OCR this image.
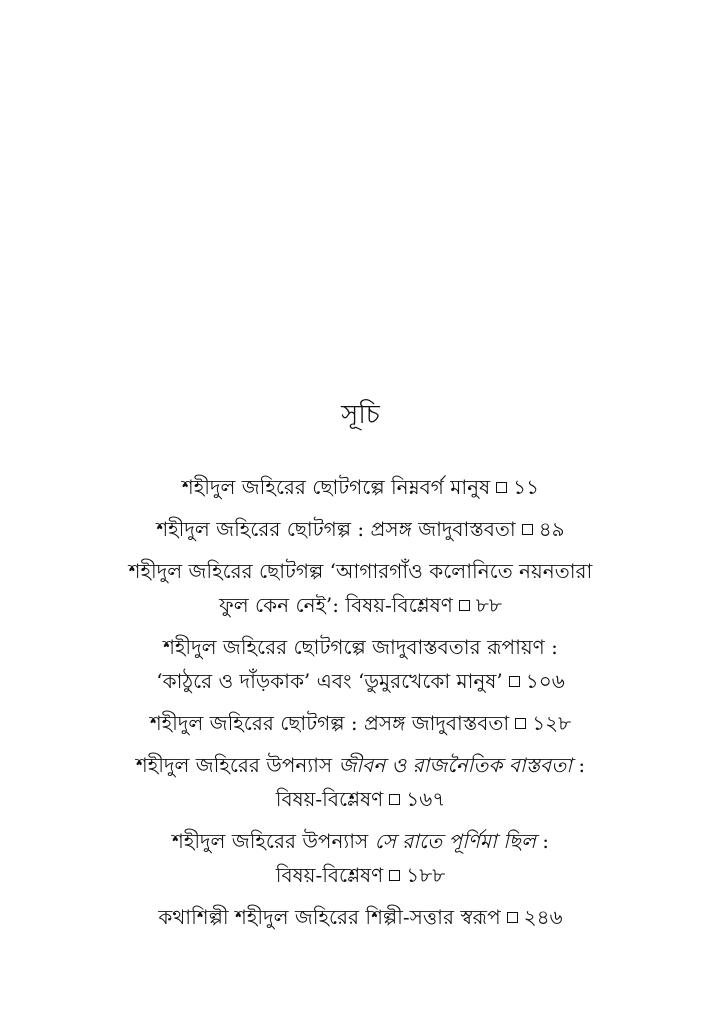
সূচি
শহীদুল জহিরের ছোটগল্পে নিম্নবর্গ মানুষ ১১
শহীদুল জহিরের ছোটগল্প : প্রসঙ্গ জাদুবাস্তবতা ৪৯
শহীদুল জহিরের ছোটগল্প ‘আগারগাঁও কলোনিতে নয়নতারা
ফুল কেন নেই’: বিষয়-বিশ্লেষণ ৮৮
শহীদুল জহিরের ছোটগল্পে জাদুবাস্তবতার রূপায়ণ :
‘কাঠুরে ও দাঁড়কাক’ এবং ‘ডুমুরখেকো মানুষ’ ১০৬
শহীদুল জহিরের ছোটগল্প : প্রসঙ্গ জাদুবাস্তবতা ১২৮
শহীদুল জহিরের উপন্যাস জীবন ও রাজনৈতিক বাস্তবতা :
বিষয়-বিশ্লেষণ ১৬৭
শহীদুল জহিরের উপন্যাস সে রাতে পূর্ণিমা ছিল :
বিষয়-বিশ্লেষণ ১৮৮
কথাশিল্পী শহীদুল জহিরের শিল্পী-সত্তার স্বরূপ ২৪৬
